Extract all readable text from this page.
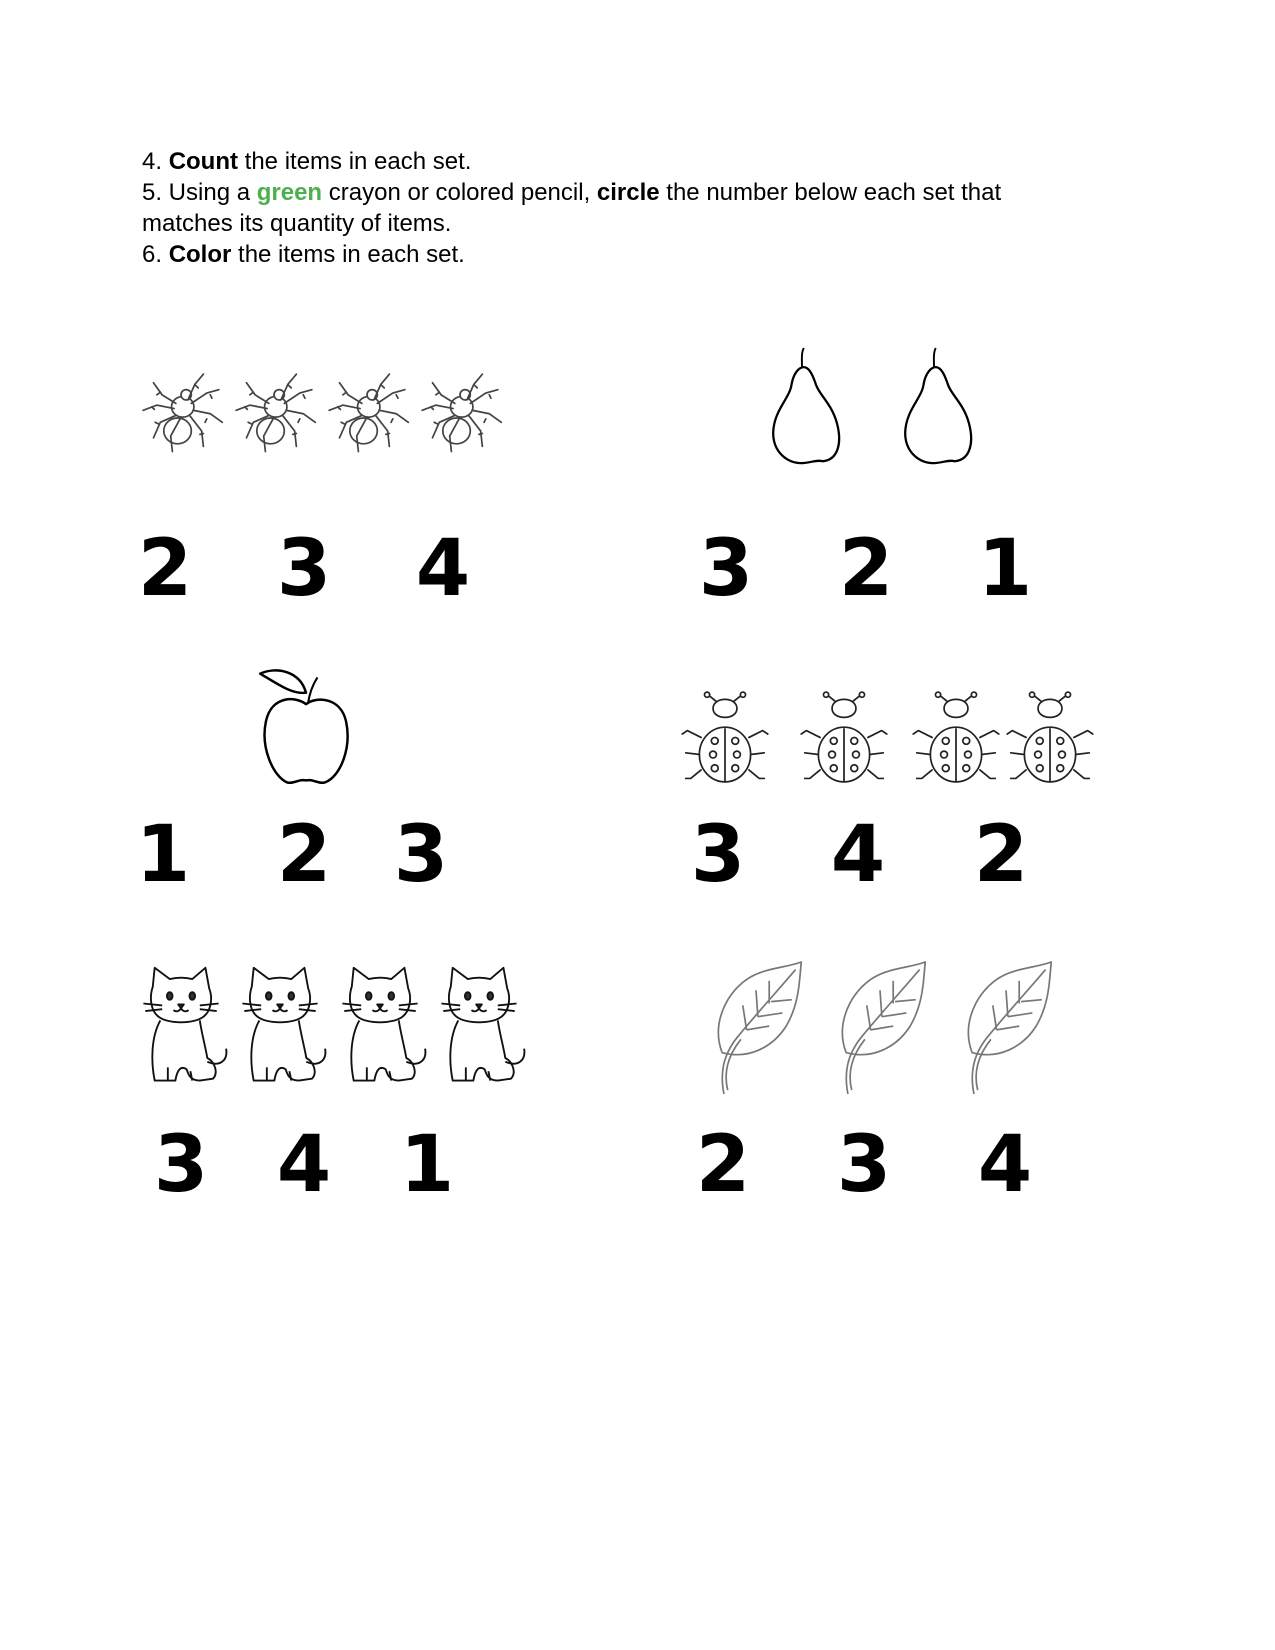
4. Count the items in each set.

5. Using a green crayon or colored pencil, circle the number below each set that matches its quantity of items.

6. Color the items in each set.

2 3 4	3 2 1
1 2 3	3 4 2
3 4 1	2 3 4
